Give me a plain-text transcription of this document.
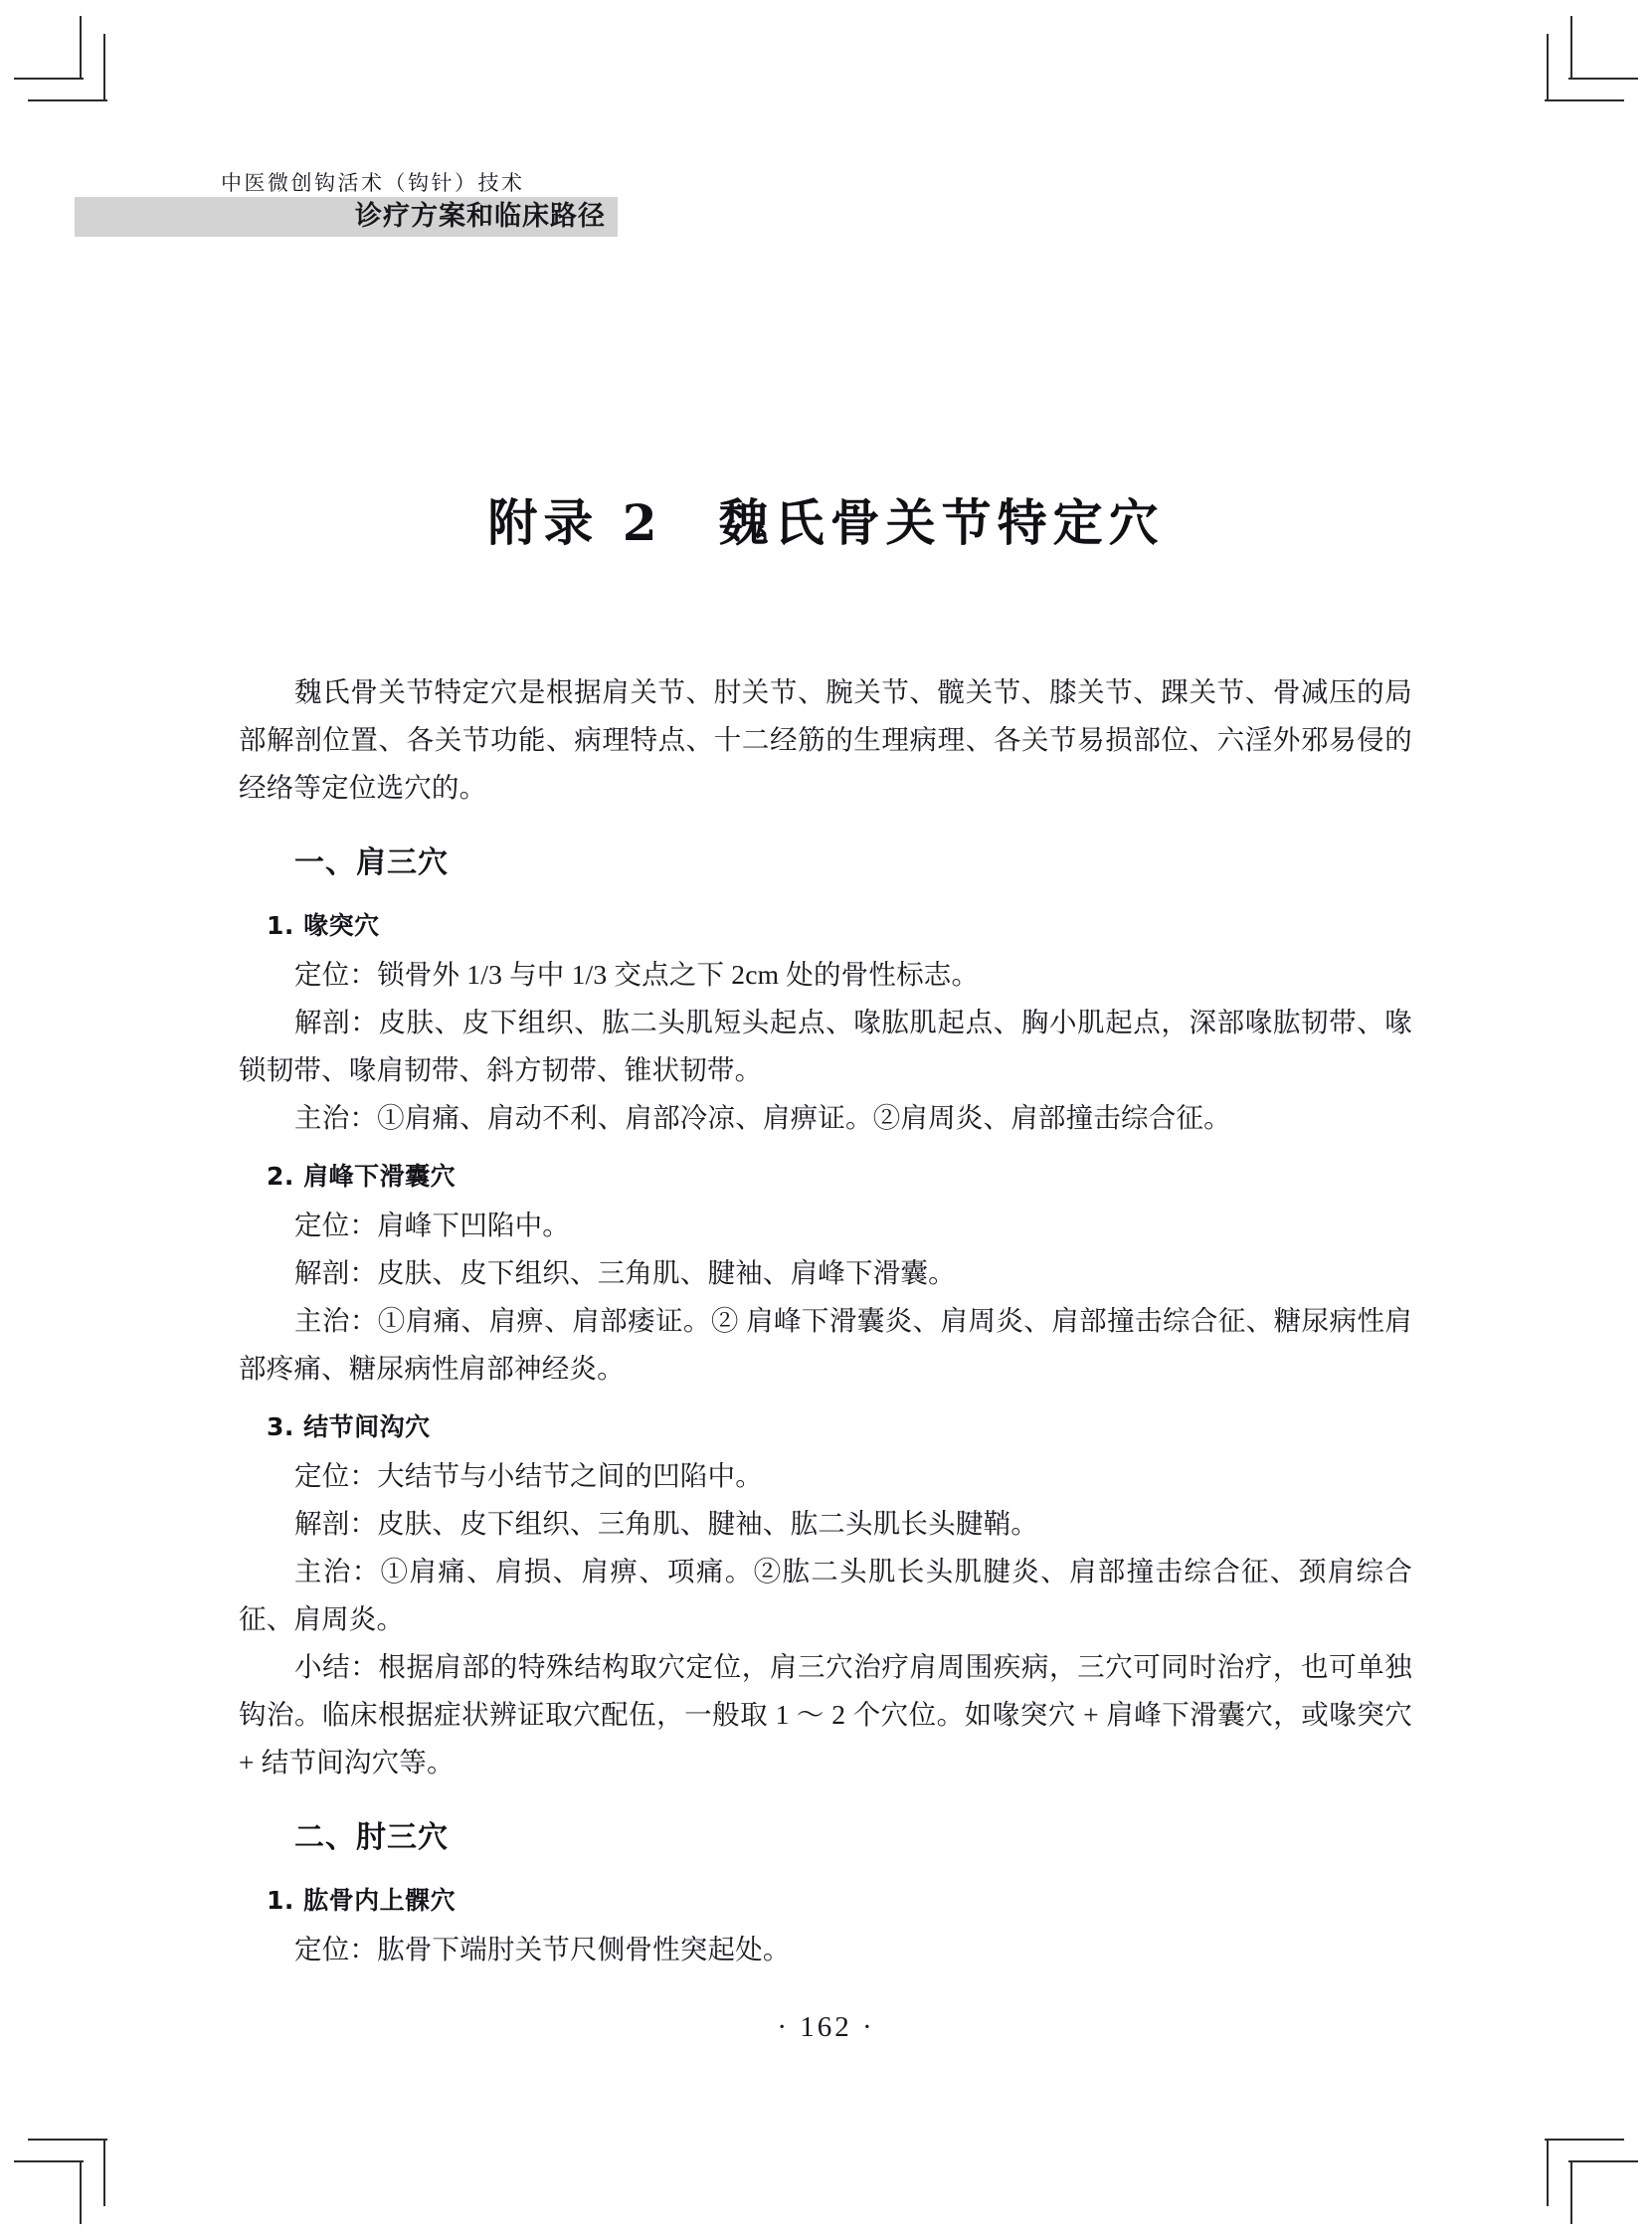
中医微创钩活术（钩针）技术
诊疗方案和临床路径
附录 2　魏氏骨关节特定穴

魏氏骨关节特定穴是根据肩关节、肘关节、腕关节、髋关节、膝关节、踝关节、骨减压的局部解剖位置、各关节功能、病理特点、十二经筋的生理病理、各关节易损部位、六淫外邪易侵的经络等定位选穴的。

一、肩三穴
1. 喙突穴

定位：锁骨外 1/3 与中 1/3 交点之下 2cm 处的骨性标志。

解剖：皮肤、皮下组织、肱二头肌短头起点、喙肱肌起点、胸小肌起点，深部喙肱韧带、喙锁韧带、喙肩韧带、斜方韧带、锥状韧带。

主治：①肩痛、肩动不利、肩部冷凉、肩痹证。②肩周炎、肩部撞击综合征。

2. 肩峰下滑囊穴

定位：肩峰下凹陷中。

解剖：皮肤、皮下组织、三角肌、腱袖、肩峰下滑囊。

主治：①肩痛、肩痹、肩部痿证。② 肩峰下滑囊炎、肩周炎、肩部撞击综合征、糖尿病性肩部疼痛、糖尿病性肩部神经炎。

3. 结节间沟穴

定位：大结节与小结节之间的凹陷中。

解剖：皮肤、皮下组织、三角肌、腱袖、肱二头肌长头腱鞘。

主治：①肩痛、肩损、肩痹、项痛。②肱二头肌长头肌腱炎、肩部撞击综合征、颈肩综合征、肩周炎。

小结：根据肩部的特殊结构取穴定位，肩三穴治疗肩周围疾病，三穴可同时治疗，也可单独钩治。临床根据症状辨证取穴配伍，一般取 1 ～ 2 个穴位。如喙突穴 + 肩峰下滑囊穴，或喙突穴 + 结节间沟穴等。

二、肘三穴
1. 肱骨内上髁穴

定位：肱骨下端肘关节尺侧骨性突起处。

· 162 ·
